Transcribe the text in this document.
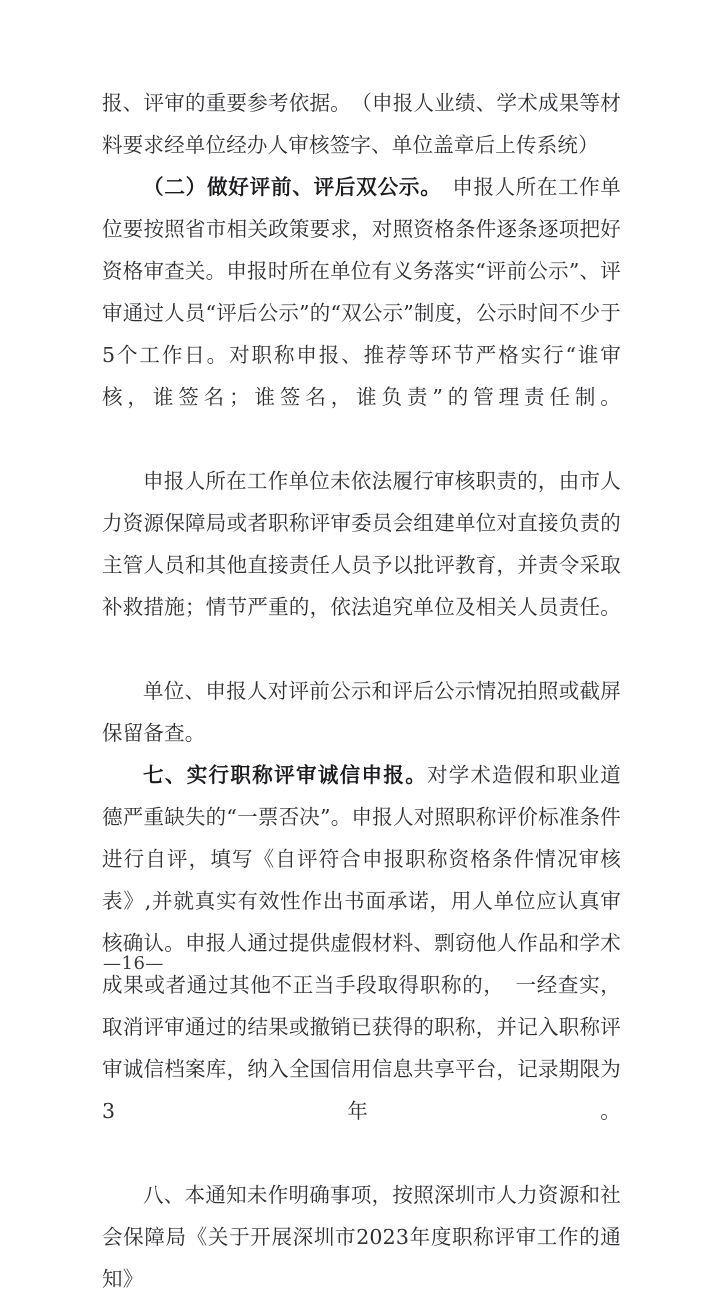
报、评审的重要参考依据。　（申报人业绩、学术成果等材料要求经单位经办人审核签字、单位盖章后上传系统）

（二）做好评前、评后双公示。　申报人所在工作单位要按照省市相关政策要求，对照资格条件逐条逐项把好资格审查关。申报时所在单位有义务落实“评前公示”、评审通过人员“评后公示”的“双公示”制度，公示时间不少于5个工作日。对职称申报、推荐等环节严格实行“谁审核，谁签名；谁签名，谁负责”的管理责任制。

申报人所在工作单位未依法履行审核职责的，由市人力资源保障局或者职称评审委员会组建单位对直接负责的主管人员和其他直接责任人员予以批评教育，并责令采取补救措施；情节严重的，依法追究单位及相关人员责任。

单位、申报人对评前公示和评后公示情况拍照或截屏保留备查。

七、实行职称评审诚信申报。对学术造假和职业道德严重缺失的“一票否决”。申报人对照职称评价标准条件进行自评，填写《自评符合申报职称资格条件情况审核表》,并就真实有效性作出书面承诺，用人单位应认真审核确认。申报人通过提供虚假材料、剽窃他人作品和学术成果或者通过其他不正当手段取得职称的，　一经查实，取消评审通过的结果或撤销已获得的职称，并记入职称评审诚信档案库，纳入全国信用信息共享平台，记录期限为3年。

八、本通知未作明确事项，按照深圳市人力资源和社会保障局《关于开展深圳市2023年度职称评审工作的通知》

—16—
